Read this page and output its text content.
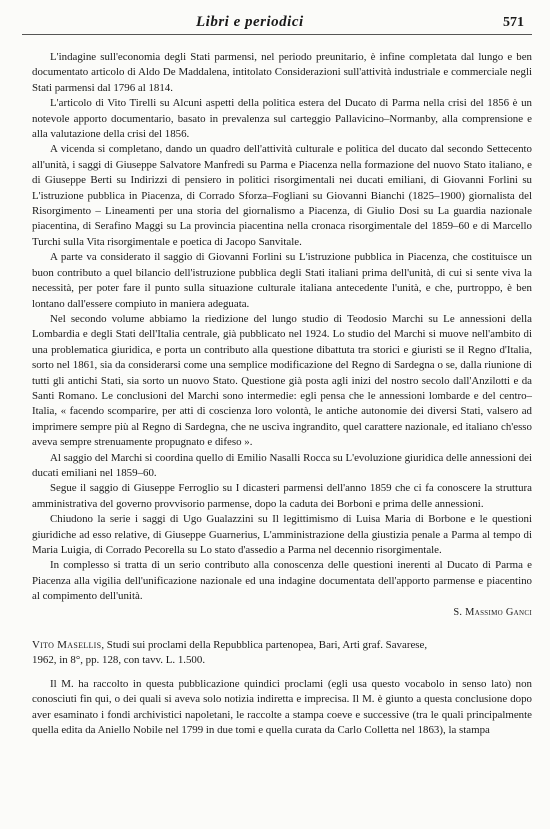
Libri e periodici	571

L'indagine sull'economia degli Stati parmensi, nel periodo preunitario, è infine completata dal lungo e ben documentato articolo di Aldo De Maddalena, intitolato Considerazioni sull'attività industriale e commerciale negli Stati parmensi dal 1796 al 1814.

L'articolo di Vito Tirelli su Alcuni aspetti della politica estera del Ducato di Parma nella crisi del 1856 è un notevole apporto documentario, basato in prevalenza sul carteggio Pallavicino–Normanby, alla comprensione e alla valutazione della crisi del 1856.

A vicenda si completano, dando un quadro dell'attività culturale e politica del ducato dal secondo Settecento all'unità, i saggi di Giuseppe Salvatore Manfredi su Parma e Piacenza nella formazione del nuovo Stato italiano, e di Giuseppe Berti su Indirizzi di pensiero in politici risorgimentali nei ducati emiliani, di Giovanni Forlini su L'istruzione pubblica in Piacenza, di Corrado Sforza–Fogliani su Giovanni Bianchi (1825–1900) giornalista del Risorgimento – Lineamenti per una storia del giornalismo a Piacenza, di Giulio Dosi su La guardia nazionale piacentina, di Serafino Maggi su La provincia piacentina nella cronaca risorgimentale del 1859–60 e di Marcello Turchi sulla Vita risorgimentale e poetica di Jacopo Sanvitale.

A parte va considerato il saggio di Giovanni Forlini su L'istruzione pubblica in Piacenza, che costituisce un buon contributo a quel bilancio dell'istruzione pubblica degli Stati italiani prima dell'unità, di cui si sente viva la necessità, per poter fare il punto sulla situazione culturale italiana antecedente l'unità, e che, purtroppo, è ben lontano dall'essere compiuto in maniera adeguata.

Nel secondo volume abbiamo la riedizione del lungo studio di Teodosio Marchi su Le annessioni della Lombardia e degli Stati dell'Italia centrale, già pubblicato nel 1924. Lo studio del Marchi si muove nell'ambito di una problematica giuridica, e porta un contributo alla questione dibattuta tra storici e giuristi se il Regno d'Italia, sorto nel 1861, sia da considerarsi come una semplice modificazione del Regno di Sardegna o se, dalla riunione di tutti gli antichi Stati, sia sorto un nuovo Stato. Questione già posta agli inizi del nostro secolo dall'Anzilotti e da Santi Romano. Le conclusioni del Marchi sono intermedie: egli pensa che le annessioni lombarde e del centro–Italia, « facendo scomparire, per atti di coscienza loro volontà, le antiche autonomie dei diversi Stati, valsero ad imprimere sempre più al Regno di Sardegna, che ne usciva ingrandito, quel carattere nazionale, ed italiano ch'esso aveva sempre strenuamente propugnato e difeso ».

Al saggio del Marchi si coordina quello di Emilio Nasalli Rocca su L'evoluzione giuridica delle annessioni dei ducati emiliani nel 1859–60.

Segue il saggio di Giuseppe Ferroglio su I dicasteri parmensi dell'anno 1859 che ci fa conoscere la struttura amministrativa del governo provvisorio parmense, dopo la caduta dei Borboni e prima delle annessioni.

Chiudono la serie i saggi di Ugo Gualazzini su Il legittimismo di Luisa Maria di Borbone e le questioni giuridiche ad esso relative, di Giuseppe Guarnerius, L'amministrazione della giustizia penale a Parma al tempo di Maria Luigia, di Corrado Pecorella su Lo stato d'assedio a Parma nel decennio risorgimentale.

In complesso si tratta di un serio contributo alla conoscenza delle questioni inerenti al Ducato di Parma e Piacenza alla vigilia dell'unificazione nazionale ed una indagine documentata dell'apporto parmense e piacentino al compimento dell'unità.

S. Massimo Ganci

Vito Masellis, Studi sui proclami della Repubblica partenopea, Bari, Arti graf. Savarese,
1962, in 8°, pp. 128, con tavv. L. 1.500.

Il M. ha raccolto in questa pubblicazione quindici proclami (egli usa questo vocabolo in senso lato) non conosciuti fin qui, o dei quali si aveva solo notizia indiretta e imprecisa. Il M. è giunto a questa conclusione dopo aver esaminato i fondi archivistici napoletani, le raccolte a stampa coeve e successive (tra le quali principalmente quella edita da Aniello Nobile nel 1799 in due tomi e quella curata da Carlo Colletta nel 1863), la stampa
